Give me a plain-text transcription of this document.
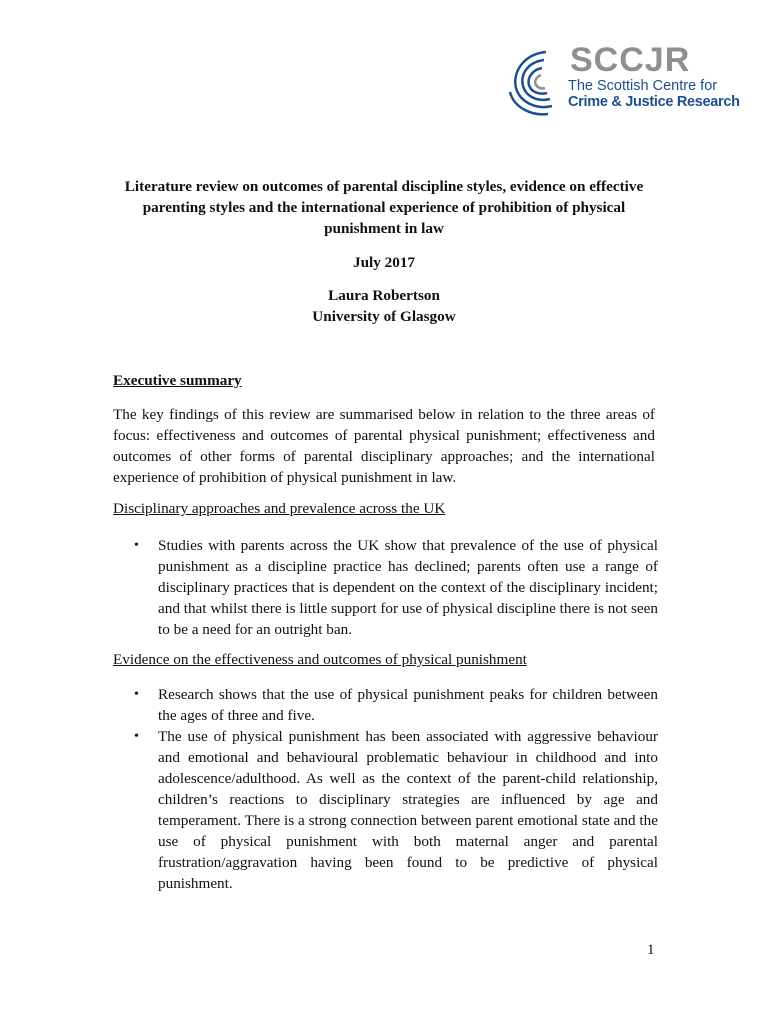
SCCJR
The Scottish Centre for
Crime & Justice Research
Literature review on outcomes of parental discipline styles, evidence on effective parenting styles and the international experience of prohibition of physical punishment in law
July 2017
Laura Robertson
University of Glasgow
Executive summary
The key findings of this review are summarised below in relation to the three areas of focus: effectiveness and outcomes of parental physical punishment; effectiveness and outcomes of other forms of parental disciplinary approaches; and the international experience of prohibition of physical punishment in law.
Disciplinary approaches and prevalence across the UK
• Studies with parents across the UK show that prevalence of the use of physical punishment as a discipline practice has declined; parents often use a range of disciplinary practices that is dependent on the context of the disciplinary incident; and that whilst there is little support for use of physical discipline there is not seen to be a need for an outright ban.
Evidence on the effectiveness and outcomes of physical punishment
• Research shows that the use of physical punishment peaks for children between the ages of three and five.
• The use of physical punishment has been associated with aggressive behaviour and emotional and behavioural problematic behaviour in childhood and into adolescence/adulthood. As well as the context of the parent-child relationship, children’s reactions to disciplinary strategies are influenced by age and temperament. There is a strong connection between parent emotional state and the use of physical punishment with both maternal anger and parental frustration/aggravation having been found to be predictive of physical punishment.
1
